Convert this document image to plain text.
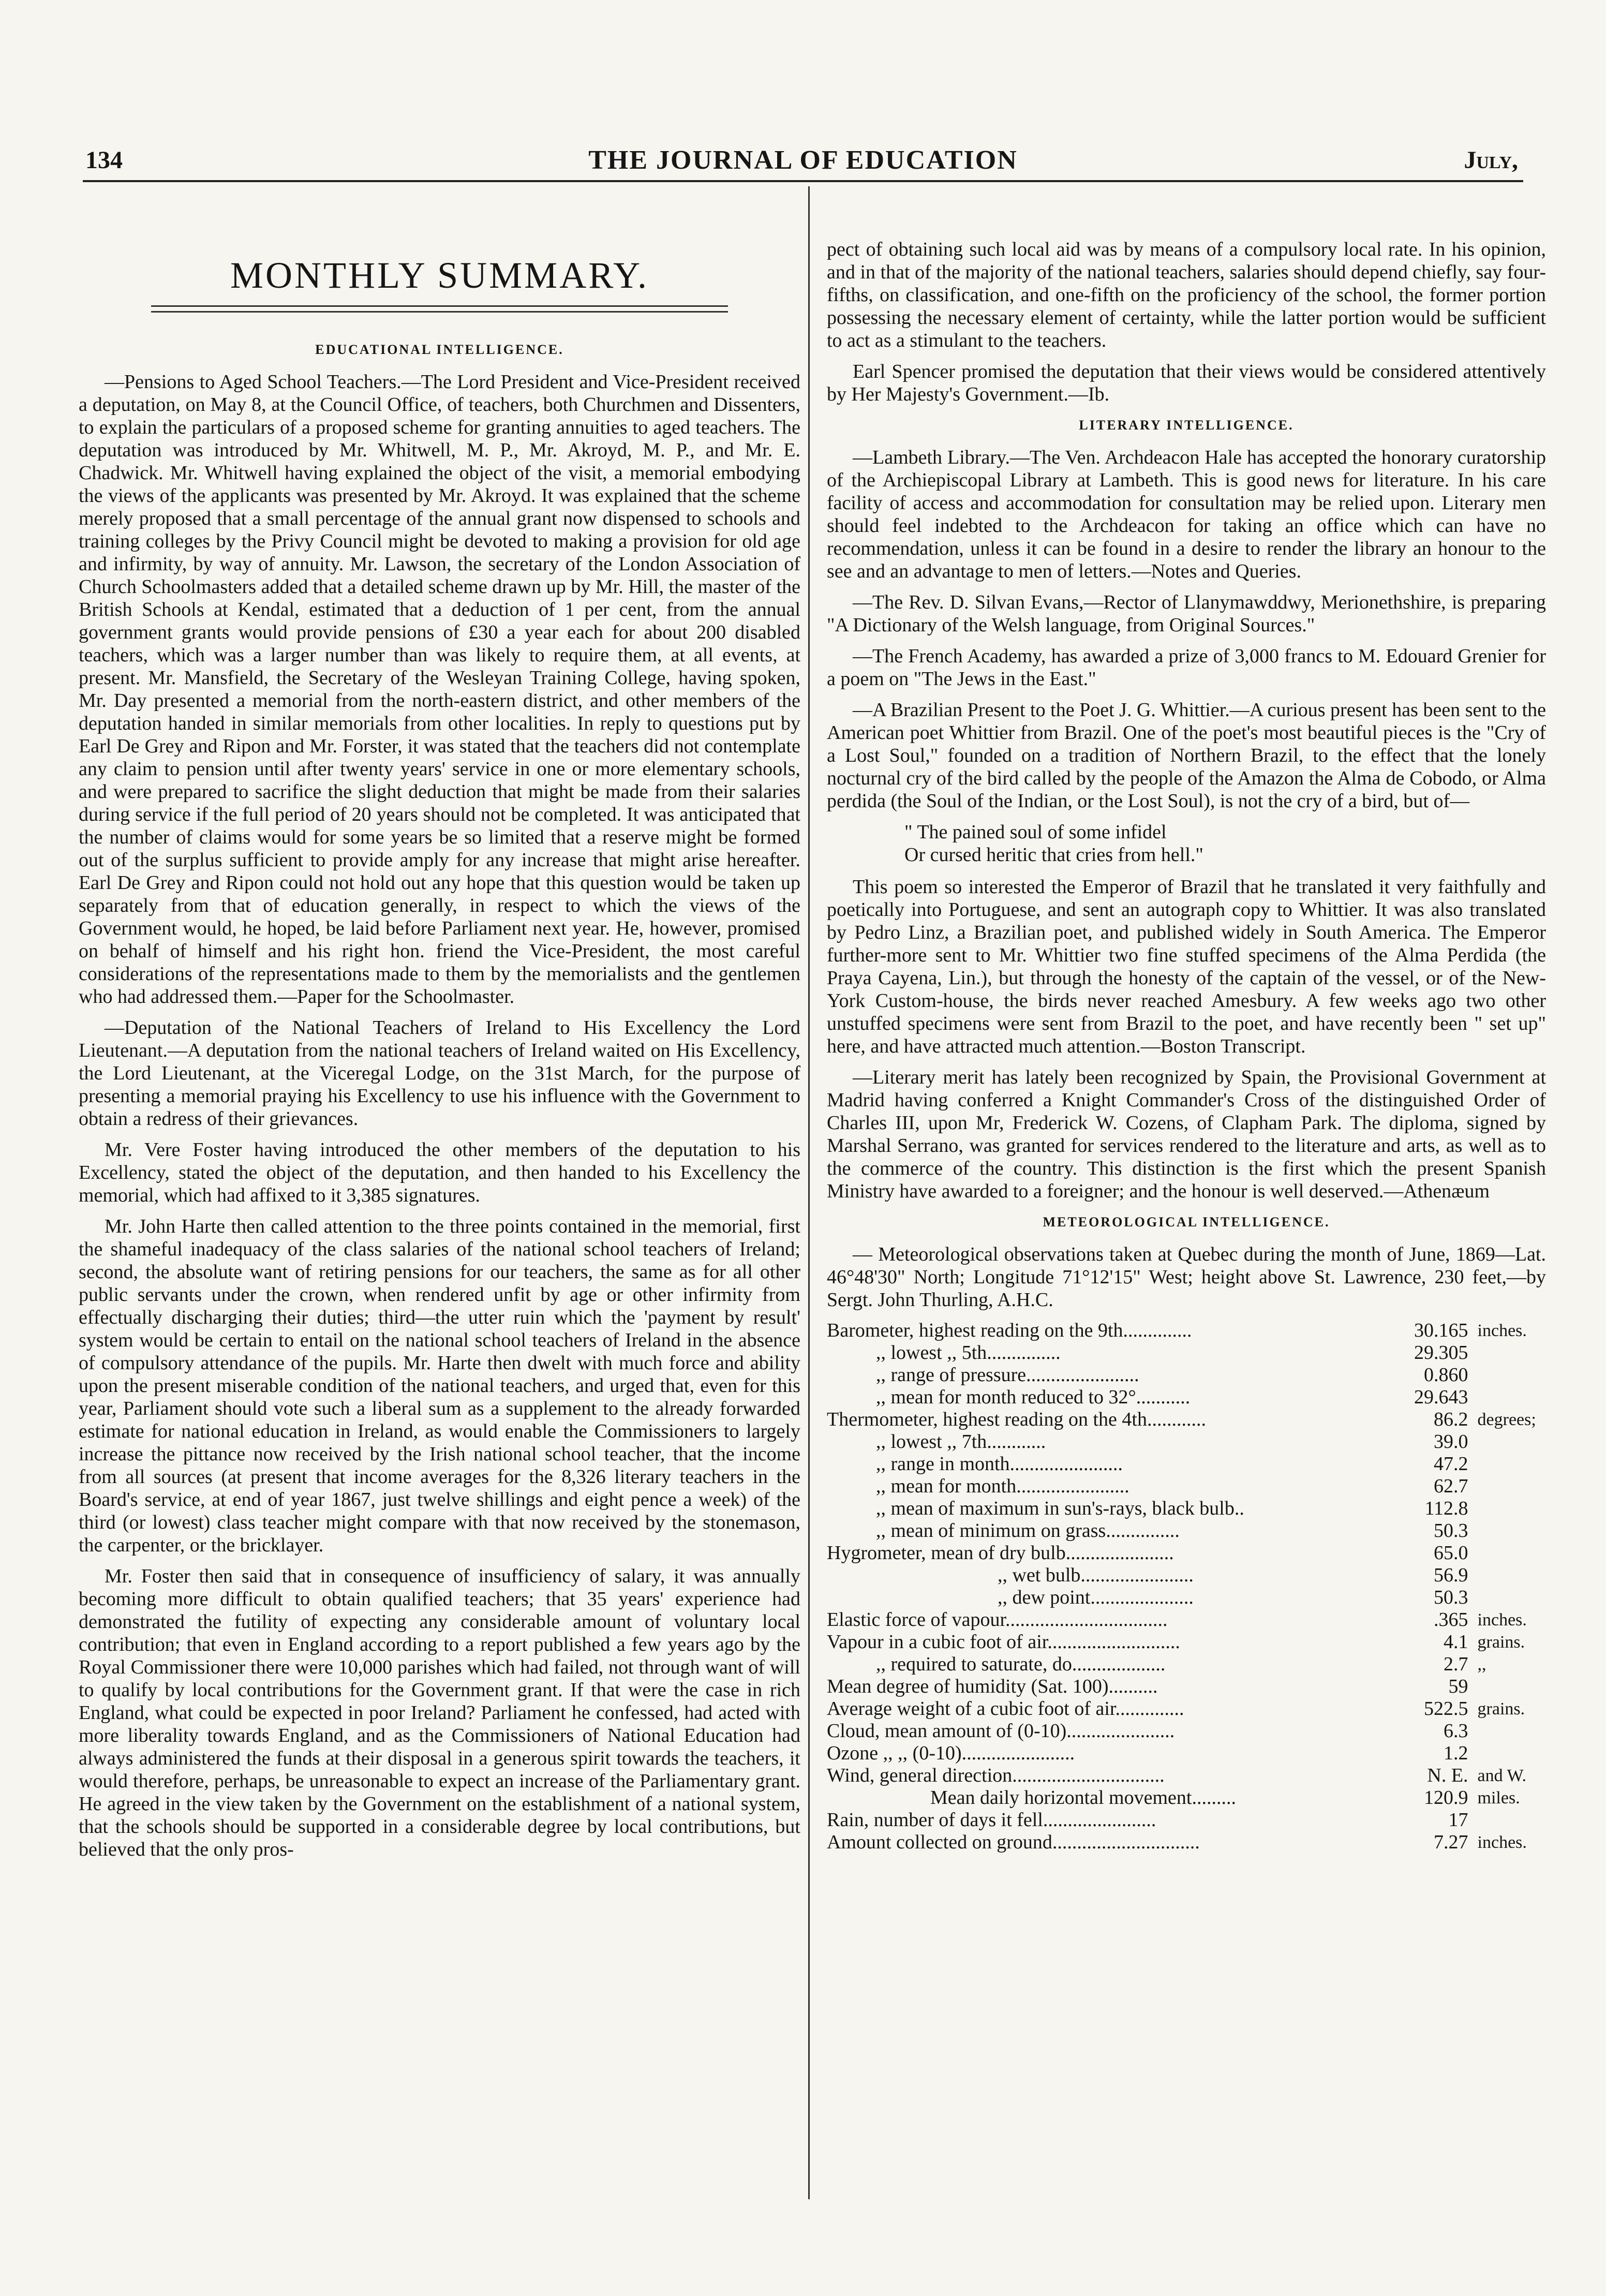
134	THE JOURNAL OF EDUCATION	July,
MONTHLY SUMMARY.
EDUCATIONAL INTELLIGENCE.

—Pensions to Aged School Teachers.—The Lord President and Vice-President received a deputation, on May 8, at the Council Office, of teachers, both Churchmen and Dissenters, to explain the particulars of a proposed scheme for granting annuities to aged teachers. The deputation was introduced by Mr. Whitwell, M. P., Mr. Akroyd, M. P., and Mr. E. Chadwick. Mr. Whitwell having explained the object of the visit, a memorial embodying the views of the applicants was presented by Mr. Akroyd. It was explained that the scheme merely proposed that a small percentage of the annual grant now dispensed to schools and training colleges by the Privy Council might be devoted to making a provision for old age and infirmity, by way of annuity. Mr. Lawson, the secretary of the London Association of Church Schoolmasters added that a detailed scheme drawn up by Mr. Hill, the master of the British Schools at Kendal, estimated that a deduction of 1 per cent, from the annual government grants would provide pensions of £30 a year each for about 200 disabled teachers, which was a larger number than was likely to require them, at all events, at present. Mr. Mansfield, the Secretary of the Wesleyan Training College, having spoken, Mr. Day presented a memorial from the north-eastern district, and other members of the deputation handed in similar memorials from other localities. In reply to questions put by Earl De Grey and Ripon and Mr. Forster, it was stated that the teachers did not contemplate any claim to pension until after twenty years' service in one or more elementary schools, and were prepared to sacrifice the slight deduction that might be made from their salaries during service if the full period of 20 years should not be completed. It was anticipated that the number of claims would for some years be so limited that a reserve might be formed out of the surplus sufficient to provide amply for any increase that might arise hereafter. Earl De Grey and Ripon could not hold out any hope that this question would be taken up separately from that of education generally, in respect to which the views of the Government would, he hoped, be laid before Parliament next year. He, however, promised on behalf of himself and his right hon. friend the Vice-President, the most careful considerations of the representations made to them by the memorialists and the gentlemen who had addressed them.—Paper for the Schoolmaster.

—Deputation of the National Teachers of Ireland to His Excellency the Lord Lieutenant.—A deputation from the national teachers of Ireland waited on His Excellency, the Lord Lieutenant, at the Viceregal Lodge, on the 31st March, for the purpose of presenting a memorial praying his Excellency to use his influence with the Government to obtain a redress of their grievances.

Mr. Vere Foster having introduced the other members of the deputation to his Excellency, stated the object of the deputation, and then handed to his Excellency the memorial, which had affixed to it 3,385 signatures.

Mr. John Harte then called attention to the three points contained in the memorial, first the shameful inadequacy of the class salaries of the national school teachers of Ireland; second, the absolute want of retiring pensions for our teachers, the same as for all other public servants under the crown, when rendered unfit by age or other infirmity from effectually discharging their duties; third—the utter ruin which the 'payment by result' system would be certain to entail on the national school teachers of Ireland in the absence of compulsory attendance of the pupils. Mr. Harte then dwelt with much force and ability upon the present miserable condition of the national teachers, and urged that, even for this year, Parliament should vote such a liberal sum as a supplement to the already forwarded estimate for national education in Ireland, as would enable the Commissioners to largely increase the pittance now received by the Irish national school teacher, that the income from all sources (at present that income averages for the 8,326 literary teachers in the Board's service, at end of year 1867, just twelve shillings and eight pence a week) of the third (or lowest) class teacher might compare with that now received by the stonemason, the carpenter, or the bricklayer.

Mr. Foster then said that in consequence of insufficiency of salary, it was annually becoming more difficult to obtain qualified teachers; that 35 years' experience had demonstrated the futility of expecting any considerable amount of voluntary local contribution; that even in England according to a report published a few years ago by the Royal Commissioner there were 10,000 parishes which had failed, not through want of will to qualify by local contributions for the Government grant. If that were the case in rich England, what could be expected in poor Ireland? Parliament he confessed, had acted with more liberality towards England, and as the Commissioners of National Education had always administered the funds at their disposal in a generous spirit towards the teachers, it would therefore, perhaps, be unreasonable to expect an increase of the Parliamentary grant. He agreed in the view taken by the Government on the establishment of a national system, that the schools should be supported in a considerable degree by local contributions, but believed that the only pros-

pect of obtaining such local aid was by means of a compulsory local rate. In his opinion, and in that of the majority of the national teachers, salaries should depend chiefly, say four-fifths, on classification, and one-fifth on the proficiency of the school, the former portion possessing the necessary element of certainty, while the latter portion would be sufficient to act as a stimulant to the teachers.

Earl Spencer promised the deputation that their views would be considered attentively by Her Majesty's Government.—Ib.

LITERARY INTELLIGENCE.

—Lambeth Library.—The Ven. Archdeacon Hale has accepted the honorary curatorship of the Archiepiscopal Library at Lambeth. This is good news for literature. In his care facility of access and accommodation for consultation may be relied upon. Literary men should feel indebted to the Archdeacon for taking an office which can have no recommendation, unless it can be found in a desire to render the library an honour to the see and an advantage to men of letters.—Notes and Queries.

—The Rev. D. Silvan Evans,—Rector of Llanymawddwy, Merionethshire, is preparing "A Dictionary of the Welsh language, from Original Sources."

—The French Academy, has awarded a prize of 3,000 francs to M. Edouard Grenier for a poem on "The Jews in the East."

—A Brazilian Present to the Poet J. G. Whittier.—A curious present has been sent to the American poet Whittier from Brazil. One of the poet's most beautiful pieces is the "Cry of a Lost Soul," founded on a tradition of Northern Brazil, to the effect that the lonely nocturnal cry of the bird called by the people of the Amazon the Alma de Cobodo, or Alma perdida (the Soul of the Indian, or the Lost Soul), is not the cry of a bird, but of—

" The pained soul of some infidel
Or cursed heritic that cries from hell."

This poem so interested the Emperor of Brazil that he translated it very faithfully and poetically into Portuguese, and sent an autograph copy to Whittier. It was also translated by Pedro Linz, a Brazilian poet, and published widely in South America. The Emperor further-more sent to Mr. Whittier two fine stuffed specimens of the Alma Perdida (the Praya Cayena, Lin.), but through the honesty of the captain of the vessel, or of the New-York Custom-house, the birds never reached Amesbury. A few weeks ago two other unstuffed specimens were sent from Brazil to the poet, and have recently been " set up" here, and have attracted much attention.—Boston Transcript.

—Literary merit has lately been recognized by Spain, the Provisional Government at Madrid having conferred a Knight Commander's Cross of the distinguished Order of Charles III, upon Mr, Frederick W. Cozens, of Clapham Park. The diploma, signed by Marshal Serrano, was granted for services rendered to the literature and arts, as well as to the commerce of the country. This distinction is the first which the present Spanish Ministry have awarded to a foreigner; and the honour is well deserved.—Athenæum

METEOROLOGICAL INTELLIGENCE.

— Meteorological observations taken at Quebec during the month of June, 1869—Lat. 46°48'30" North; Longitude 71°12'15" West; height above St. Lawrence, 230 feet,—by Sergt. John Thurling, A.H.C.

Barometer, highest reading on the 9th..............	30.165	inches.
,, lowest ,, 5th...............	29.305	
,, range of pressure.......................	0.860	
,, mean for month reduced to 32°...........	29.643	
Thermometer, highest reading on the 4th............	86.2	degrees;
,, lowest ,, 7th............	39.0	
,, range in month.......................	47.2	
,, mean for month.......................	62.7	
,, mean of maximum in sun's-rays, black bulb..	112.8	
,, mean of minimum on grass...............	50.3	
Hygrometer, mean of dry bulb......................	65.0	
,, wet bulb.......................	56.9	
,, dew point.....................	50.3	
Elastic force of vapour.................................	.365	inches.
Vapour in a cubic foot of air...........................	4.1	grains.
,, required to saturate, do...................	2.7	,,
Mean degree of humidity (Sat. 100)..........	59	
Average weight of a cubic foot of air..............	522.5	grains.
Cloud, mean amount of (0-10)......................	6.3	
Ozone ,, ,, (0-10).......................	1.2	
Wind, general direction...............................	N. E.	and W.
Mean daily horizontal movement.........	120.9	miles.
Rain, number of days it fell.......................	17	
Amount collected on ground..............................	7.27	inches.
